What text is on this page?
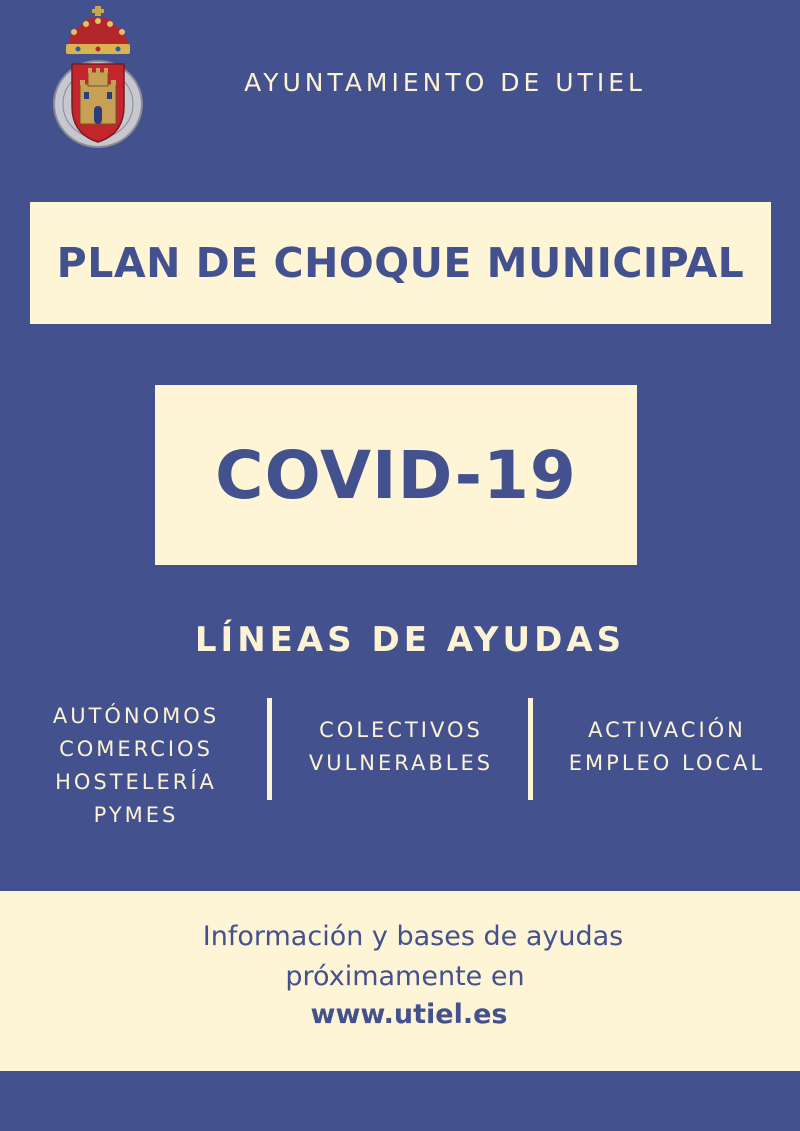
AYUNTAMIENTO DE UTIEL
PLAN DE CHOQUE MUNICIPAL
COVID-19
LÍNEAS DE AYUDAS
AUTÓNOMOS
COMERCIOS
HOSTELERÍA
PYMES
COLECTIVOS
VULNERABLES
ACTIVACIÓN
EMPLEO LOCAL
Información y bases de ayudas
próximamente en
www.utiel.es
